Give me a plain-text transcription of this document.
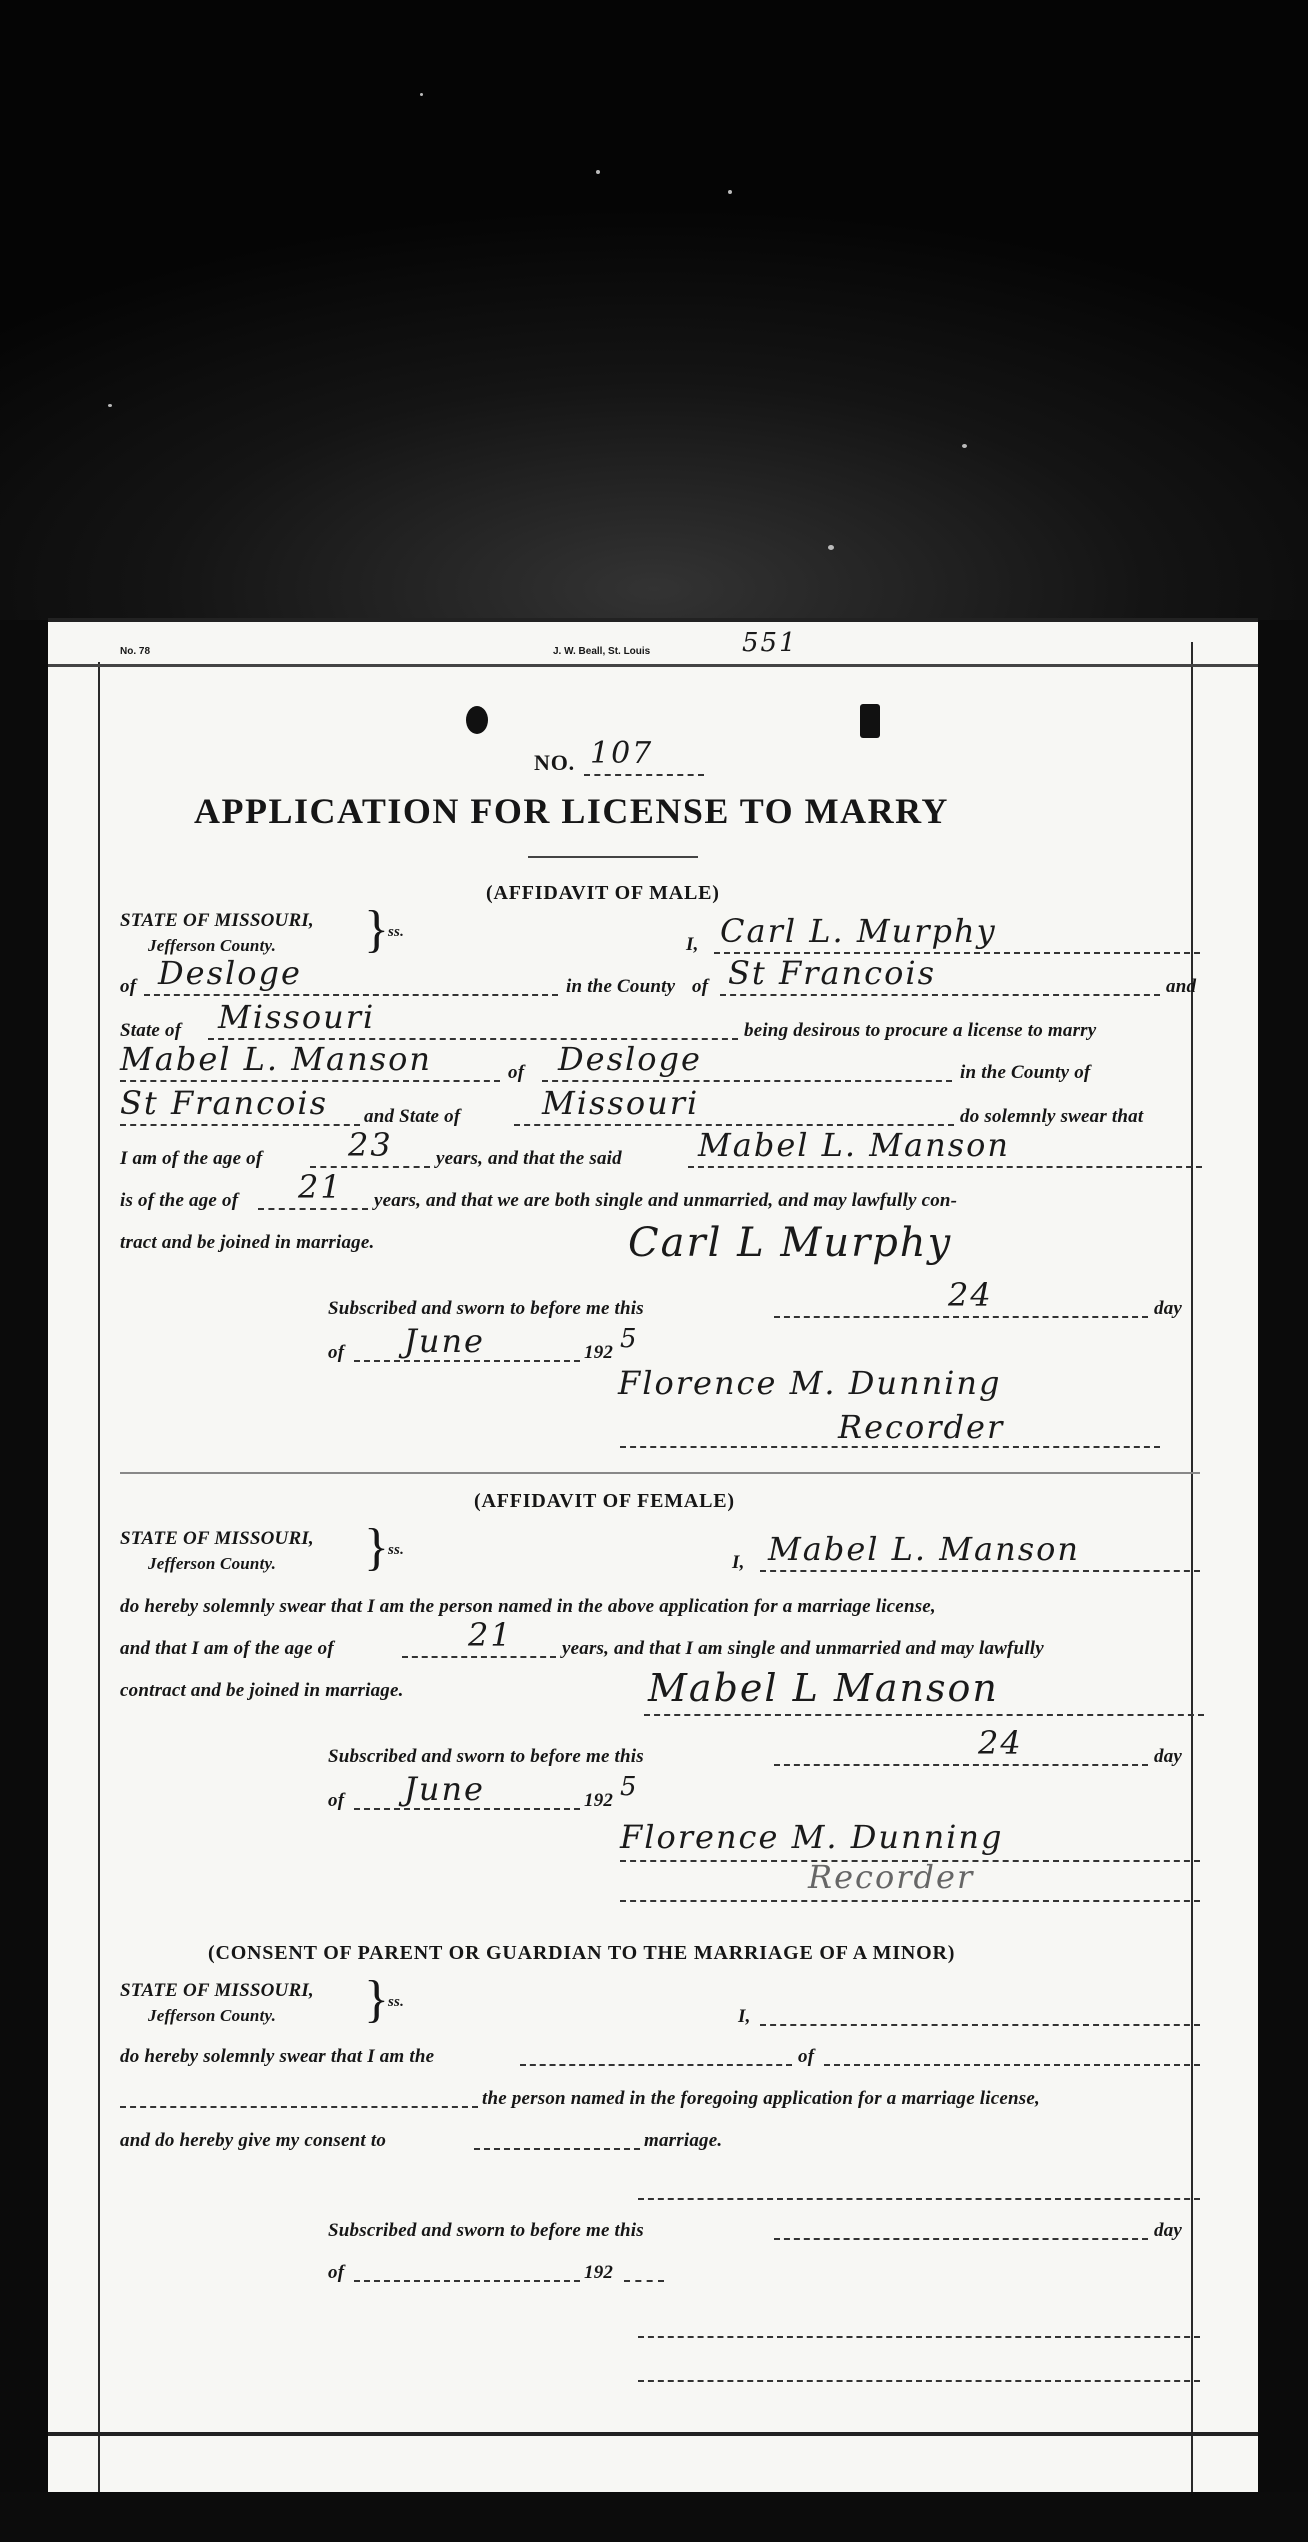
No. 78	J. W. Beall, St. Louis	551
NO. 107
APPLICATION FOR LICENSE TO MARRY
(AFFIDAVIT OF MALE)
STATE OF MISSOURI,
Jefferson County. } ss.
I, Carl L. Murphy
of Desloge	in the County of St Francois	and
State of Missouri	being desirous to procure a license to marry
Mabel L. Manson	of Desloge	in the County of
St Francois and State of	Missouri	do solemnly swear that
I am of the age of	23 years, and that the said Mabel L. Manson
is of the age of 21 years, and that we are both single and unmarried, and may lawfully con-
tract and be joined in marriage.	Carl L Murphy
Subscribed and sworn to before me this	24	day
of June	192 5
Florence M. Dunning
Recorder
(AFFIDAVIT OF FEMALE)
STATE OF MISSOURI,
Jefferson County. } ss.
I, Mabel L. Manson
do hereby solemnly swear that I am the person named in the above application for a marriage license,
and that I am of the age of	21	years, and that I am single and unmarried and may lawfully
contract and be joined in marriage.	Mabel L Manson
Subscribed and sworn to before me this	24	day
of June	192 5
Florence M. Dunning
Recorder
(CONSENT OF PARENT OR GUARDIAN TO THE MARRIAGE OF A MINOR)
STATE OF MISSOURI,
Jefferson County. } ss.
I,
do hereby solemnly swear that I am the	of
the person named in the foregoing application for a marriage license,
and do hereby give my consent to	marriage.
Subscribed and sworn to before me this	day
of	192
